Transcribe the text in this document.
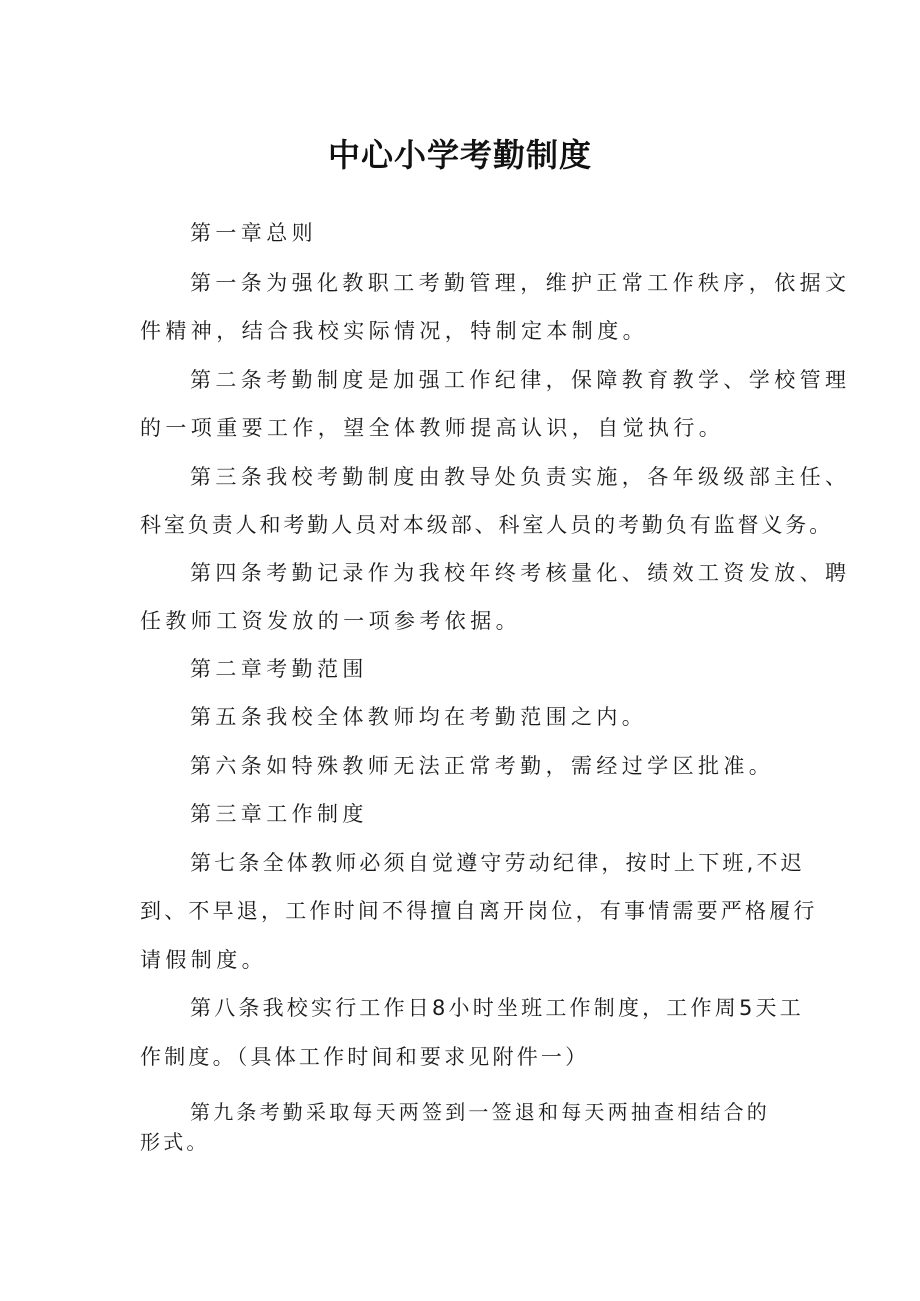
中心小学考勤制度
第一章总则
第一条为强化教职工考勤管理，维护正常工作秩序，依据文
件精神，结合我校实际情况，特制定本制度。
第二条考勤制度是加强工作纪律，保障教育教学、学校管理
的一项重要工作，望全体教师提高认识，自觉执行。
第三条我校考勤制度由教导处负责实施，各年级级部主任、
科室负责人和考勤人员对本级部、科室人员的考勤负有监督义务。
第四条考勤记录作为我校年终考核量化、绩效工资发放、聘
任教师工资发放的一项参考依据。
第二章考勤范围
第五条我校全体教师均在考勤范围之内。
第六条如特殊教师无法正常考勤，需经过学区批准。
第三章工作制度
第七条全体教师必须自觉遵守劳动纪律，按时上下班,不迟
到、不早退，工作时间不得擅自离开岗位，有事情需要严格履行
请假制度。
第八条我校实行工作日8小时坐班工作制度，工作周5天工
作制度。（具体工作时间和要求见附件一）
第九条考勤采取每天两签到一签退和每天两抽查相结合的
形式。
